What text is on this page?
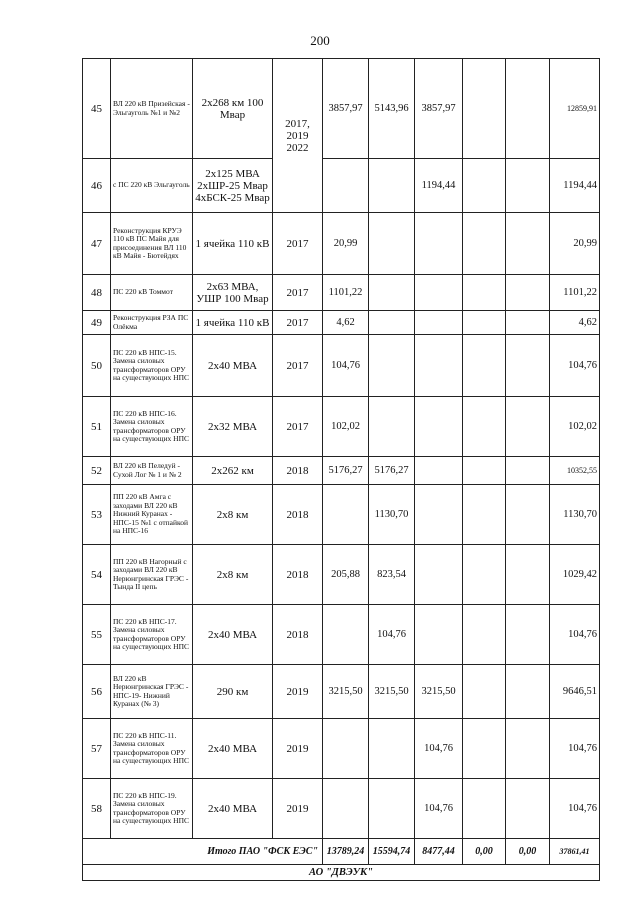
200
45	ВЛ 220 кВ Призейская - Эльгауголь №1 и №2	2х268 км 100 Мвар	2017, 2019 2022	3857,97	5143,96	3857,97			12859,91
46	с ПС 220 кВ Эльгауголь	2х125 МВА 2хШР-25 Мвар 4хБСК-25 Мвар				1194,44			1194,44
47	Реконструкция КРУЭ 110 кВ ПС Майя для присоединения ВЛ 110 кВ Майя - Бютейдях	1 ячейка 110 кВ	2017	20,99					20,99
48	ПС 220 кВ Томмот	2х63 МВА, УШР 100 Мвар	2017	1101,22					1101,22
49	Реконструкция РЗА ПС Олёкма	1 ячейка 110 кВ	2017	4,62					4,62
50	ПС 220 кВ НПС-15. Замена силовых трансформаторов ОРУ на существующих НПС	2х40 МВА	2017	104,76					104,76
51	ПС 220 кВ НПС-16. Замена силовых трансформаторов ОРУ на существующих НПС	2х32 МВА	2017	102,02					102,02
52	ВЛ 220 кВ Пеледуй - Сухой Лог № 1 и № 2	2х262 км	2018	5176,27	5176,27				10352,55
53	ПП 220 кВ Амга с заходами ВЛ 220 кВ Нижний Куранах - НПС-15 №1 с отпайкой на НПС-16	2х8 км	2018		1130,70				1130,70
54	ПП 220 кВ Нагорный с заходами ВЛ 220 кВ Нерюнгринская ГРЭС - Тында II цепь	2х8 км	2018	205,88	823,54				1029,42
55	ПС 220 кВ НПС-17. Замена силовых трансформаторов ОРУ на существующих НПС	2х40 МВА	2018		104,76				104,76
56	ВЛ 220 кВ Нерюнгринская ГРЭС - НПС-19- Нижний Куранах (№ 3)	290 км	2019	3215,50	3215,50	3215,50			9646,51
57	ПС 220 кВ НПС-11. Замена силовых трансформаторов ОРУ на существующих НПС	2х40 МВА	2019			104,76			104,76
58	ПС 220 кВ НПС-19. Замена силовых трансформаторов ОРУ на существующих НПС	2х40 МВА	2019			104,76			104,76
Итого ПАО "ФСК ЕЭС"				13789,24	15594,74	8477,44	0,00	0,00	37861,41
АО "ДВЭУК"									
